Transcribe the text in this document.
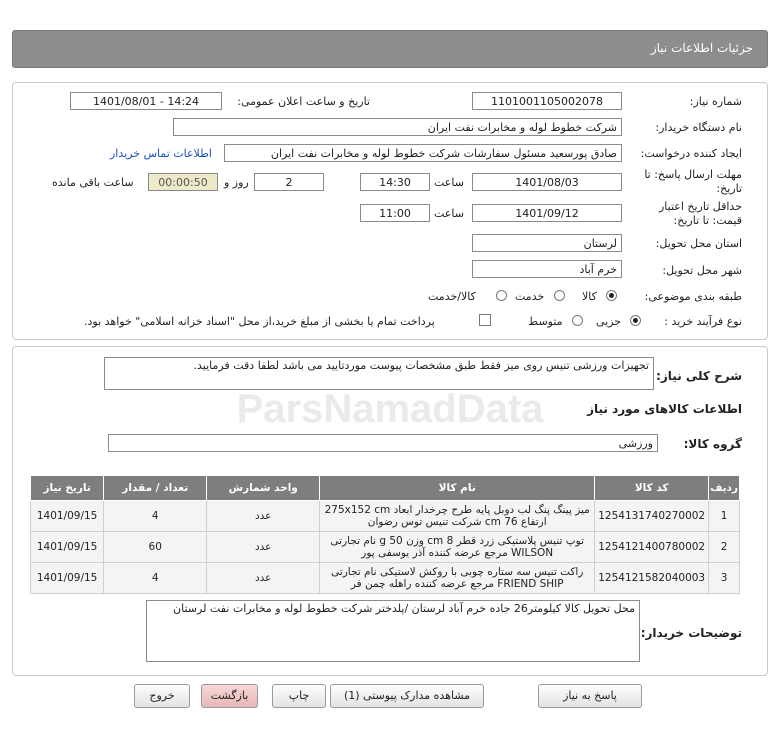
جزئیات اطلاعات نیاز
شماره نیاز:
1101001105002078
تاریخ و ساعت اعلان عمومی:
1401/08/01 - 14:24
نام دستگاه خریدار:
شرکت خطوط لوله و مخابرات نفت ایران
ایجاد کننده درخواست:
صادق پورسعید مسئول سفارشات شرکت خطوط لوله و مخابرات نفت ایران
اطلاعات تماس خریدار
مهلت ارسال پاسخ: تا
تاریخ:
1401/08/03
ساعت
14:30
2
روز و
00:00:50
ساعت باقی مانده
حداقل تاریخ اعتبار
قیمت: تا تاریخ:
1401/09/12
ساعت
11:00
استان محل تحویل:
لرستان
شهر محل تحویل:
خرم آباد
طبقه بندی موضوعی:
کالا
خدمت
کالا/خدمت
نوع فرآیند خرید :
جزیی
متوسط
پرداخت تمام یا بخشی از مبلغ خرید،از محل "اسناد خزانه اسلامی" خواهد بود.
شرح کلی نیاز:
تجهیزات ورزشی تنیس روی میز فقط طبق مشخصات پیوست موردتایید می باشد لطفا دقت فرمایید.
اطلاعات کالاهای مورد نیاز
گروه کالا:
ورزشی
ردیف	کد کالا	نام کالا	واحد شمارش	تعداد / مقدار	تاریخ نیاز
1	1254131740270002	میز پینگ پنگ لب دوبل پایه طرح چرخدار ابعاد 275x152 cm
ارتفاع 76 cm شرکت تنیس توس رضوان	عدد	4	1401/09/15
2	1254121400780002	توپ تنیس پلاستیکی زرد قطر 8 cm وزن 50 g نام تجارتی
WILSON مرجع عرضه کننده آذر یوسفی پور	عدد	60	1401/09/15
3	1254121582040003	راکت تنیس سه ستاره چوبی با روکش لاستیکی نام تجارتی
FRIEND SHIP مرجع عرضه کننده راهله چمن فر	عدد	4	1401/09/15
توضیحات خریدار:
محل تحویل کالا کیلومتر26 جاده خرم آباد لرستان /پلدختر شرکت خطوط لوله و مخابرات نفت لرستان
ParsNamadData
پاسخ به نیاز
مشاهده مدارک پیوستی (1)
چاپ
بازگشت
خروج
